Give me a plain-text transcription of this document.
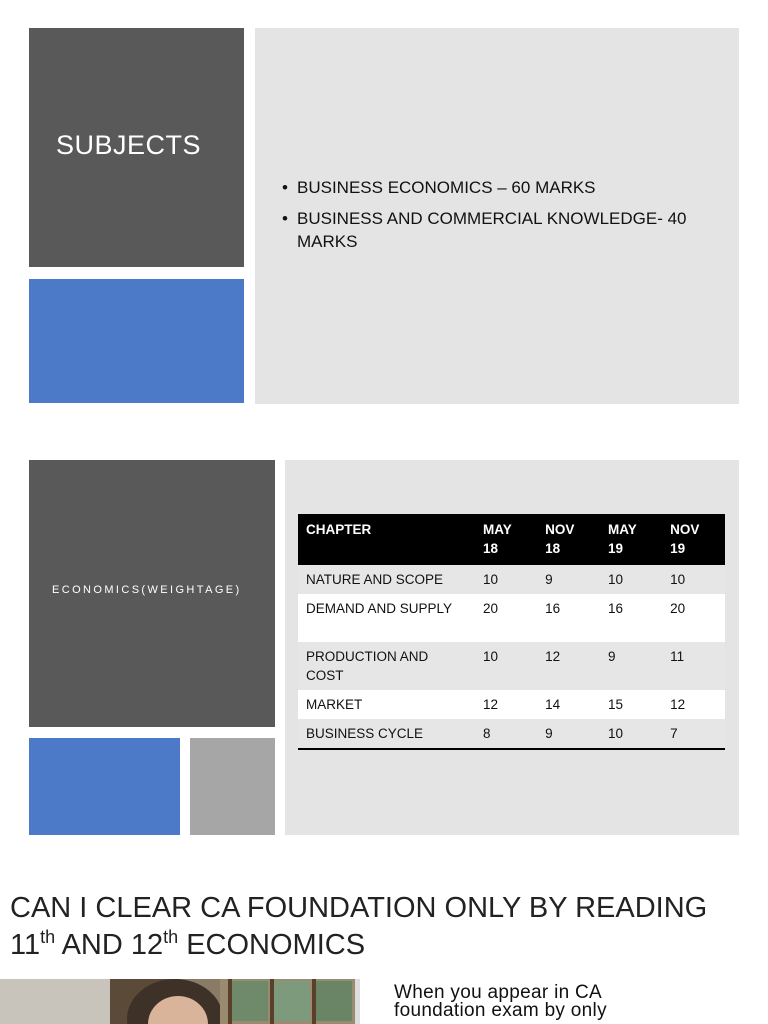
SUBJECTS
• BUSINESS ECONOMICS – 60 MARKS
• BUSINESS AND COMMERCIAL KNOWLEDGE- 40 MARKS
ECONOMICS(WEIGHTAGE)
CHAPTER	MAY 18	NOV 18	MAY 19	NOV 19
NATURE AND SCOPE	10	9	10	10
DEMAND AND SUPPLY	20	16	16	20
PRODUCTION AND COST	10	12	9	11
MARKET	12	14	15	12
BUSINESS CYCLE	8	9	10	7
CAN I CLEAR CA FOUNDATION ONLY BY READING
11th AND 12th ECONOMICS
When you appear in CA
foundation exam by only
